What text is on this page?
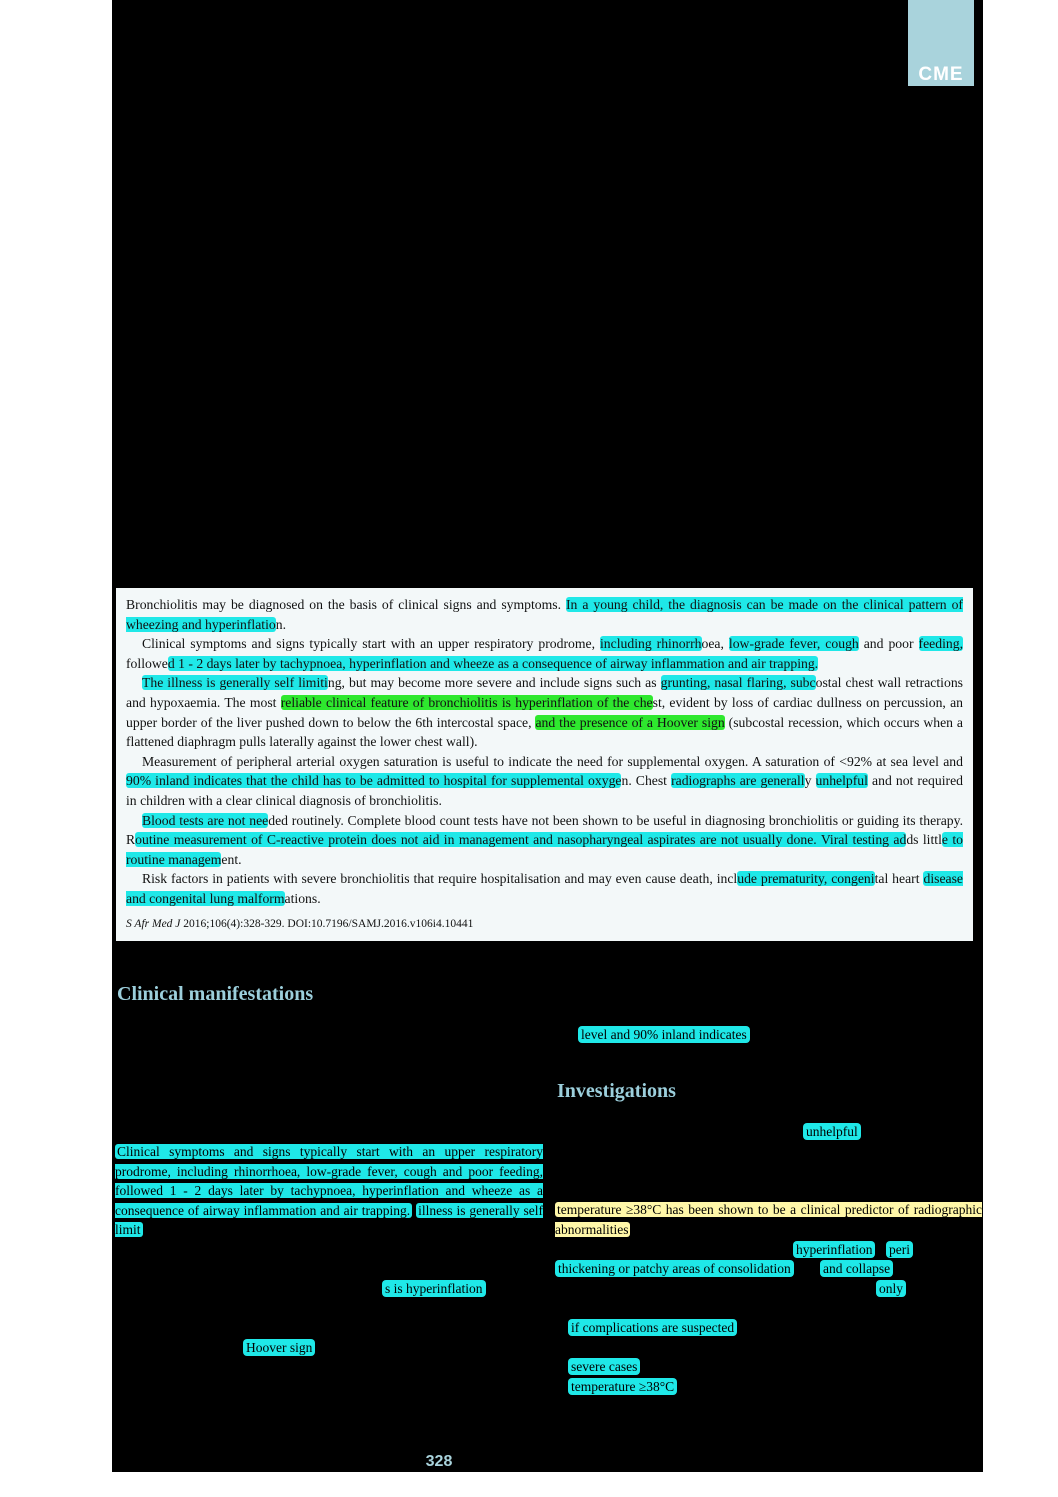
CME

Bronchiolitis may be diagnosed on the basis of clinical signs and symptoms. In a young child, the diagnosis can be made on the clinical pattern of wheezing and hyperinflation.

Clinical symptoms and signs typically start with an upper respiratory prodrome, including rhinorrhoea, low-grade fever, cough and poor feeding, followed 1 - 2 days later by tachypnoea, hyperinflation and wheeze as a consequence of airway inflammation and air trapping.

The illness is generally self limiting, but may become more severe and include signs such as grunting, nasal flaring, subcostal chest wall retractions and hypoxaemia. The most reliable clinical feature of bronchiolitis is hyperinflation of the chest, evident by loss of cardiac dullness on percussion, an upper border of the liver pushed down to below the 6th intercostal space, and the presence of a Hoover sign (subcostal recession, which occurs when a flattened diaphragm pulls laterally against the lower chest wall).

Measurement of peripheral arterial oxygen saturation is useful to indicate the need for supplemental oxygen. A saturation of <92% at sea level and 90% inland indicates that the child has to be admitted to hospital for supplemental oxygen. Chest radiographs are generally unhelpful and not required in children with a clear clinical diagnosis of bronchiolitis.

Blood tests are not needed routinely. Complete blood count tests have not been shown to be useful in diagnosing bronchiolitis or guiding its therapy. Routine measurement of C-reactive protein does not aid in management and nasopharyngeal aspirates are not usually done. Viral testing adds little to routine management.

Risk factors in patients with severe bronchiolitis that require hospitalisation and may even cause death, include prematurity, congenital heart disease and congenital lung malformations.

S Afr Med J 2016;106(4):328-329. DOI:10.7196/SAMJ.2016.v106i4.10441

Clinical manifestations
Investigations
Clinical symptoms and signs typically start with an upper respiratory prodrome, including rhinorrhoea, low-grade fever, cough and poor feeding, followed 1 - 2 days later by tachypnoea, hyperinflation and wheeze as a consequence of airway inflammation and air trapping. illness is generally self limit
level and 90% inland indicates
unhelpful
temperature ≥38°C has been shown to be a clinical predictor of radiographic abnormalities
hyperinflation peri
thickening or patchy areas of consolidation and collapse
only
s is hyperinflation
if complications are suspected
Hoover sign
severe cases
temperature ≥38°C
328
